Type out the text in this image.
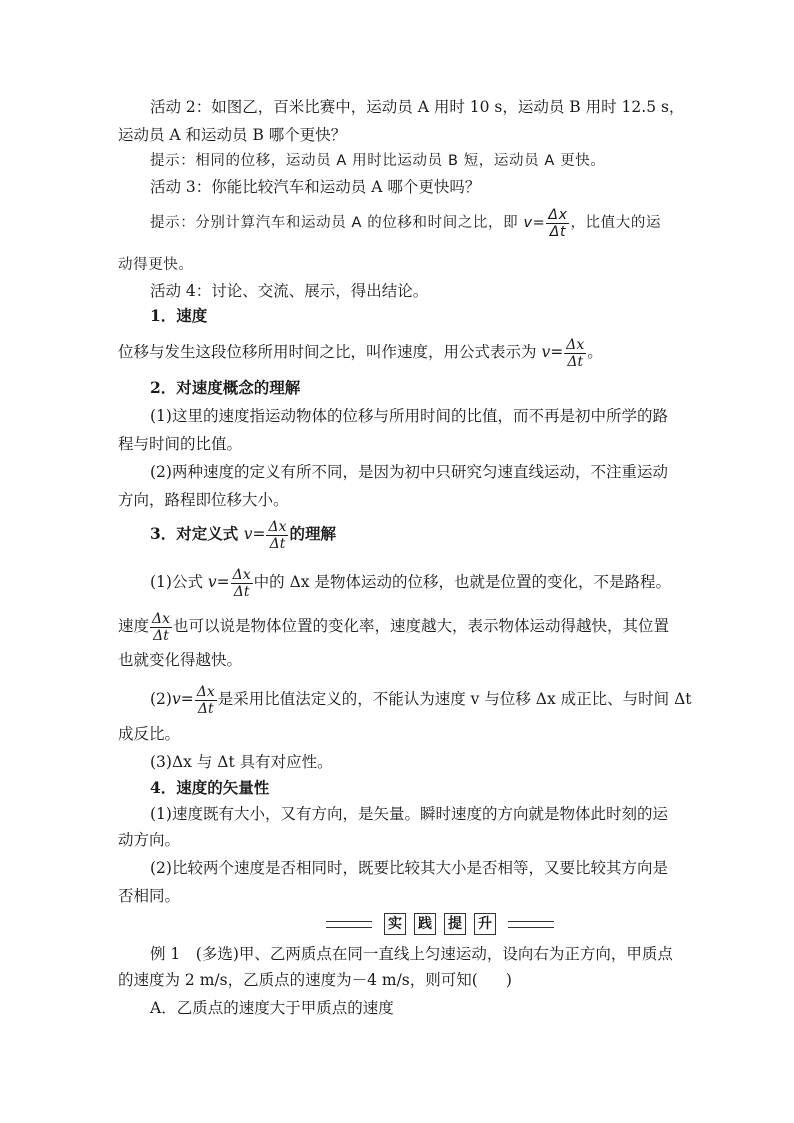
活动 2：如图乙，百米比赛中，运动员 A 用时 10 s，运动员 B 用时 12.5 s，
运动员 A 和运动员 B 哪个更快？
提示：相同的位移，运动员 A 用时比运动员 B 短，运动员 A 更快。
活动 3：你能比较汽车和运动员 A 哪个更快吗？
提示：分别计算汽车和运动员 A 的位移和时间之比，即 $v= \frac{\Delta x}{\Delta t}$ ，比值大的运
动得更快。
活动 4：讨论、交流、展示，得出结论。
1．速度
位移与发生这段位移所用时间之比，叫作速度，用公式表示为 $v= \frac{\Delta x}{\Delta t}$ 。
2．对速度概念的理解
(1)这里的速度指运动物体的位移与所用时间的比值，而不再是初中所学的路
程与时间的比值。
(2)两种速度的定义有所不同，是因为初中只研究匀速直线运动，不注重运动
方向，路程即位移大小。
3．对定义式 $v= \frac{\Delta x}{\Delta t}$ 的理解
(1)公式 $v= \frac{\Delta x}{\Delta t}$ 中的 Δx 是物体运动的位移，也就是位置的变化，不是路程。
速度 $\frac{\Delta x}{\Delta t}$ 也可以说是物体位置的变化率，速度越大，表示物体运动得越快，其位置
也就变化得越快。
$(2)v= \frac{\Delta x}{\Delta t}$ 是采用比值法定义的，不能认为速度 v 与位移 Δx 成正比、与时间 Δt
成反比。
(3)Δx 与 Δt 具有对应性。
4．速度的矢量性
(1)速度既有大小，又有方向，是矢量。瞬时速度的方向就是物体此时刻的运
动方向。
(2)比较两个速度是否相同时，既要比较其大小是否相等，又要比较其方向是
否相同。
实 践 提 升
例 1　(多选)甲、乙两质点在同一直线上匀速运动，设向右为正方向，甲质点
的速度为 2 m/s，乙质点的速度为－4 m/s，则可知( )
A．乙质点的速度大于甲质点的速度
